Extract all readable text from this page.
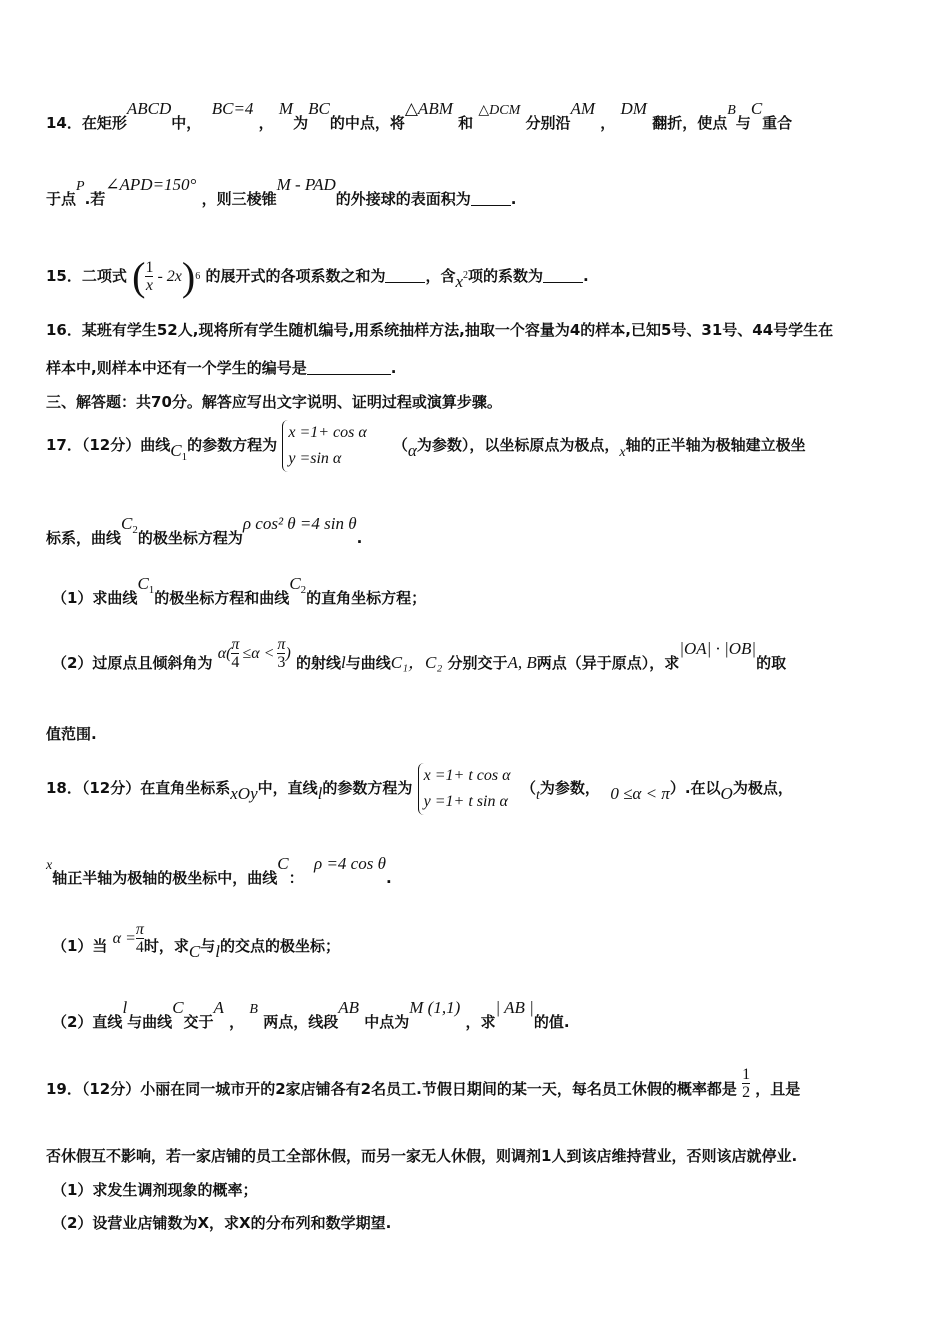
14．在矩形ABCD中，  BC=4 ， M为BC的中点，将△ABM 和 △DCM 分别沿AM ， DM 翻折，使点B与C重合
于点P.若∠APD=150° ，则三棱锥M - PAD的外接球的表面积为	.
15．二项式 ( $\frac{1}{x} - 2x$ ) 6 的展开式的各项系数之和为	，含$x^2$项的系数为	.
16．某班有学生52人,现将所有学生随机编号,用系统抽样方法,抽取一个容量为4的样本,已知5号、31号、44号学生在
样本中,则样本中还有一个学生的编号是	.
三、解答题：共70分。解答应写出文字说明、证明过程或演算步骤。
17．（12分）曲线$C_1$的参数方程为 x =1+ cos α
y =sin α     （α为参数），以坐标原点为极点，x轴的正半轴为极轴建立极坐
标系，曲线$C_2$的极坐标方程为ρ cos² θ =4 sin θ.
（1）求曲线$C_1$的极坐标方程和曲线$C_2$的直角坐标方程；
（2）过原点且倾斜角为
$\alpha( \frac{\pi}{4} \le\alpha < \frac{\pi}{3}$ )
的射线l与曲线C₁，C₂ 分别交于A, B两点（异于原点），求|OA| · |OB|的取
值范围.
18．（12分）在直角坐标系xOy中，直线l的参数方程为 x =1+ t cos α
y =1+ t sin α  （t为参数， 0 ≤α < π）.在以O为极点，
x轴正半轴为极轴的极坐标中，曲线C：  ρ =4 cos θ.
（1）当 $\alpha = \frac{\pi}{4}$ 时，求C与l的交点的极坐标；
（2）直线l与曲线C交于A ， B 两点，线段AB 中点为M (1,1) ，求| AB |的值.
19．（12分）小丽在同一城市开的2家店铺各有2名员工.节假日期间的某一天，每名员工休假的概率都是 $\frac{1}{2}$ ，且是
否休假互不影响，若一家店铺的员工全部休假，而另一家无人休假，则调剂1人到该店维持营业，否则该店就停业.
（1）求发生调剂现象的概率；
（2）设营业店铺数为X，求X的分布列和数学期望.
